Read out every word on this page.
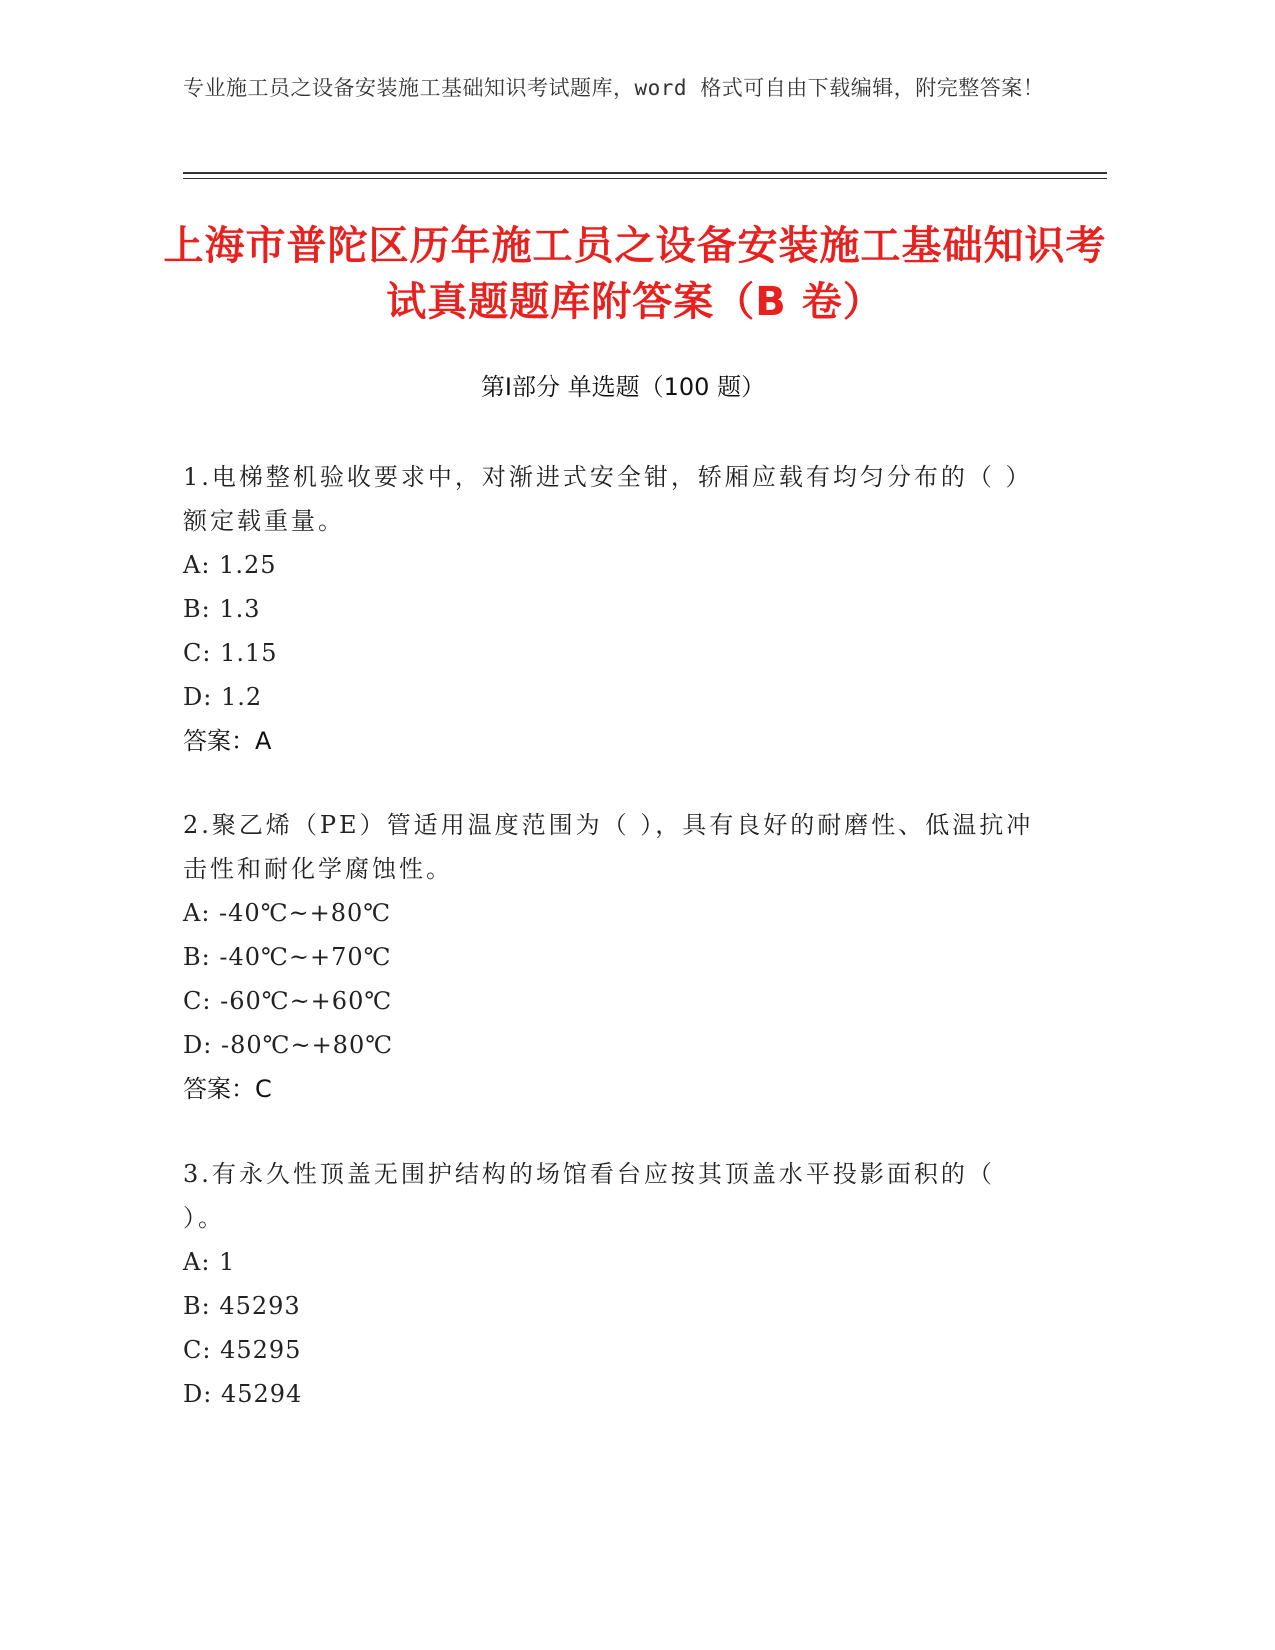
专业施工员之设备安装施工基础知识考试题库，word 格式可自由下载编辑，附完整答案！
上海市普陀区历年施工员之设备安装施工基础知识考试真题题库附答案（B 卷）
第Ⅰ部分 单选题（100 题）

1.电梯整机验收要求中，对渐进式安全钳，轿厢应载有均匀分布的（ ）额定载重量。

A: 1.25

B: 1.3

C: 1.15

D: 1.2

答案：A

2.聚乙烯（PE）管适用温度范围为（ ），具有良好的耐磨性、低温抗冲击性和耐化学腐蚀性。

A: -40℃~+80℃

B: -40℃~+70℃

C: -60℃~+60℃

D: -80℃~+80℃

答案：C

3.有永久性顶盖无围护结构的场馆看台应按其顶盖水平投影面积的（ ）。

A: 1

B: 45293

C: 45295

D: 45294
